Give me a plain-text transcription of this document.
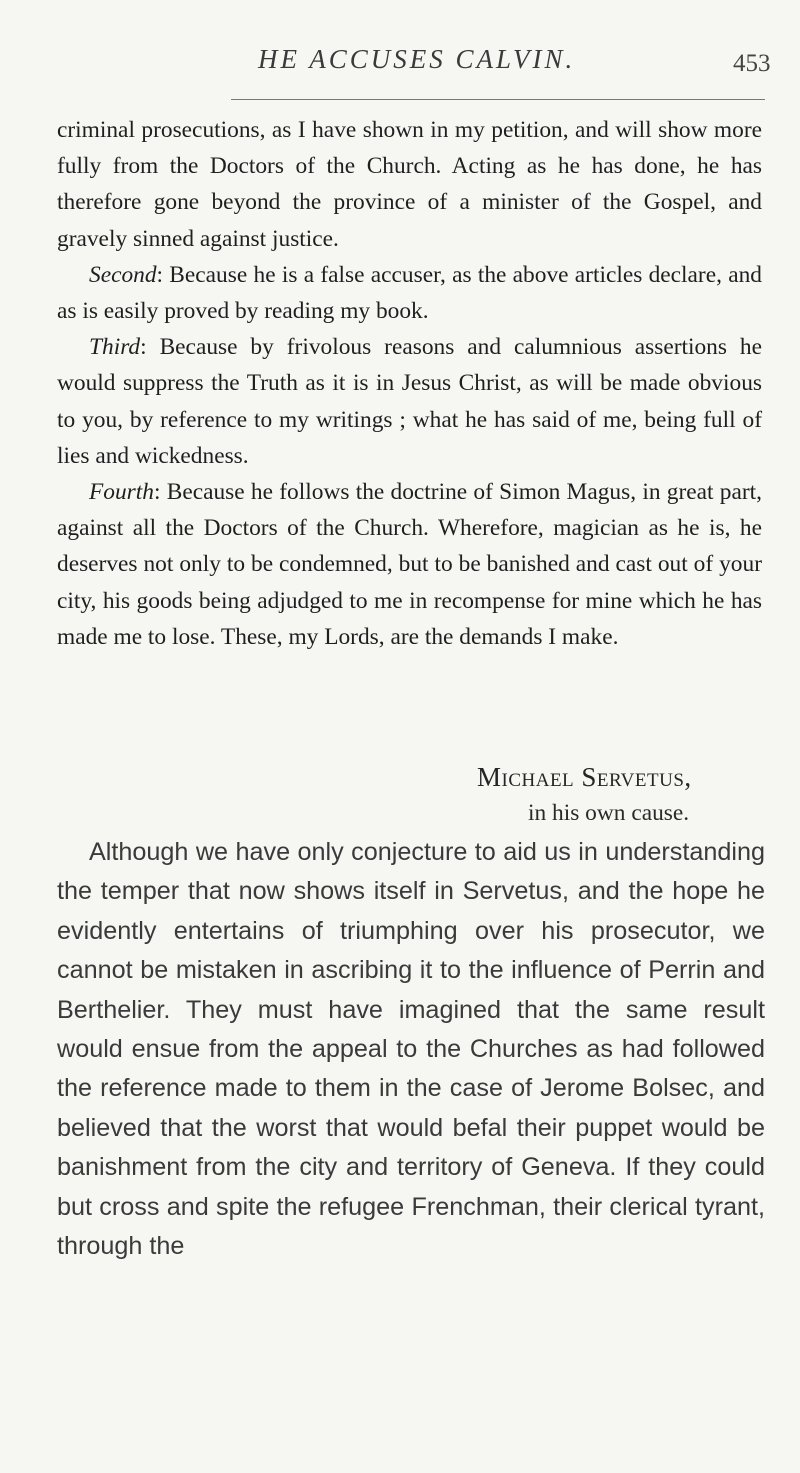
HE ACCUSES CALVIN.	453

criminal prosecutions, as I have shown in my petition, and will show more fully from the Doctors of the Church. Acting as he has done, he has therefore gone beyond the province of a minister of the Gospel, and gravely sinned against justice.

Second: Because he is a false accuser, as the above articles declare, and as is easily proved by reading my book.

Third: Because by frivolous reasons and calumnious assertions he would suppress the Truth as it is in Jesus Christ, as will be made obvious to you, by reference to my writings ; what he has said of me, being full of lies and wickedness.

Fourth: Because he follows the doctrine of Simon Magus, in great part, against all the Doctors of the Church. Wherefore, magician as he is, he deserves not only to be condemned, but to be banished and cast out of your city, his goods being adjudged to me in recompense for mine which he has made me to lose. These, my Lords, are the demands I make.

Michael Servetus,
in his own cause.

Although we have only conjecture to aid us in understanding the temper that now shows itself in Servetus, and the hope he evidently entertains of triumphing over his prosecutor, we cannot be mistaken in ascribing it to the influence of Perrin and Berthelier. They must have imagined that the same result would ensue from the appeal to the Churches as had followed the reference made to them in the case of Jerome Bolsec, and believed that the worst that would befal their puppet would be banishment from the city and territory of Geneva. If they could but cross and spite the refugee Frenchman, their clerical tyrant, through the
